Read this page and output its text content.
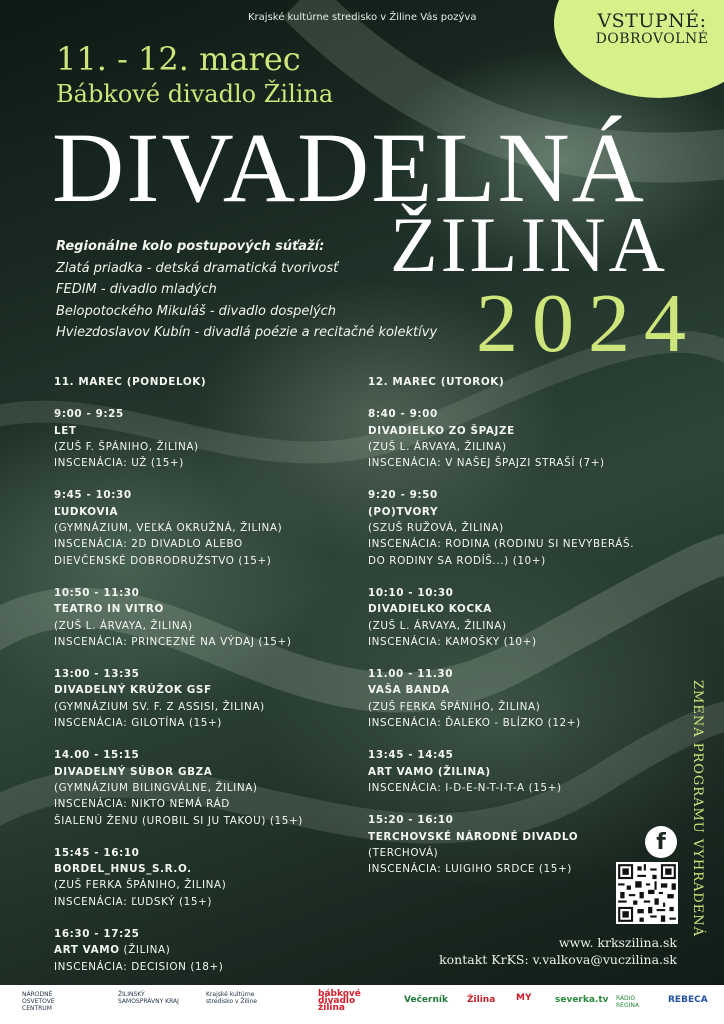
Krajské kultúrne stredisko v Žiline Vás pozýva	VSTUPNÉ:
DOBROVOLNÉ
11. - 12. marec
Bábkové divadlo Žilina
DIVADELNÁ
ŽILINA
2024
Regionálne kolo postupových súťaží:
Zlatá priadka - detská dramatická tvorivosť
FEDIM - divadlo mladých
Belopotockého Mikuláš - divadlo dospelých
Hviezdoslavov Kubín - divadlá poézie a recitačné kolektívy
11. MAREC (PONDELOK)
9:00 - 9:25
LET
(ZUŠ F. ŠPÁNIHO, ŽILINA)
INSCENÁCIA: UŽ (15+)
9:45 - 10:30
ĽUDKOVIA
(GYMNÁZIUM, VEĽKÁ OKRUŽNÁ, ŽILINA)
INSCENÁCIA: 2D DIVADLO ALEBO
DIEVČENSKÉ DOBRODRUŽSTVO (15+)
10:50 - 11:30
TEATRO IN VITRO
(ZUŠ L. ÁRVAYA, ŽILINA)
INSCENÁCIA: PRINCEZNÉ NA VÝDAJ (15+)
13:00 - 13:35
DIVADELNÝ KRÚŽOK GSF
(GYMNÁZIUM SV. F. Z ASSISI, ŽILINA)
INSCENÁCIA: GILOTÍNA (15+)
14.00 - 15:15
DIVADELNÝ SÚBOR GBZA
(GYMNÁZIUM BILINGVÁLNE, ŽILINA)
INSCENÁCIA: NIKTO NEMÁ RÁD
ŠIALENÚ ŽENU (UROBIL SI JU TAKOU) (15+)
15:45 - 16:10
BORDEL_HNUS_S.R.O.
(ZUŠ FERKA ŠPÁNIHO, ŽILINA)
INSCENÁCIA: ĽUDSKÝ (15+)
16:30 - 17:25
ART VAMO (ŽILINA)
INSCENÁCIA: DECISION (18+)
12. MAREC (UTOROK)
8:40 - 9:00
DIVADIELKO ZO ŠPAJZE
(ZUŠ L. ÁRVAYA, ŽILINA)
INSCENÁCIA: V NAŠEJ ŠPAJZI STRAŠÍ (7+)
9:20 - 9:50
(PO)TVORY
(SZUŠ RUŽOVÁ, ŽILINA)
INSCENÁCIA: RODINA (RODINU SI NEVYBERÁŠ.
DO RODINY SA RODÍŠ...) (10+)
10:10 - 10:30
DIVADIELKO KOCKA
(ZUŠ L. ÁRVAYA, ŽILINA)
INSCENÁCIA: KAMOŠKY (10+)
11.00 - 11.30
VAŠA BANDA
(ZUŠ FERKA ŠPÁNIHO, ŽILINA)
INSCENÁCIA: ĎALEKO - BLÍZKO (12+)
13:45 - 14:45
ART VAMO (ŽILINA)
INSCENÁCIA: I-D-E-N-T-I-T-A (15+)
15:20 - 16:10
TERCHOVSKÉ NÁRODNÉ DIVADLO
(TERCHOVÁ)
INSCENÁCIA: LUIGIHO SRDCE (15+)	ZMENA PROGRAMU VYHRADENÁ
f
www. krkszilina.sk
kontakt KrKS: v.valkova@vuczilina.sk
NÁRODNÉ OSVETOVÉ CENTRUM
ŽILINSKÝ SAMOSPRÁVNY KRAJ
Krajské kultúrne stredisko v Žiline
bábkové divadlo žilina
Večerník Žilina MY	severka.tv RÁDIO REGINA
REBECA
